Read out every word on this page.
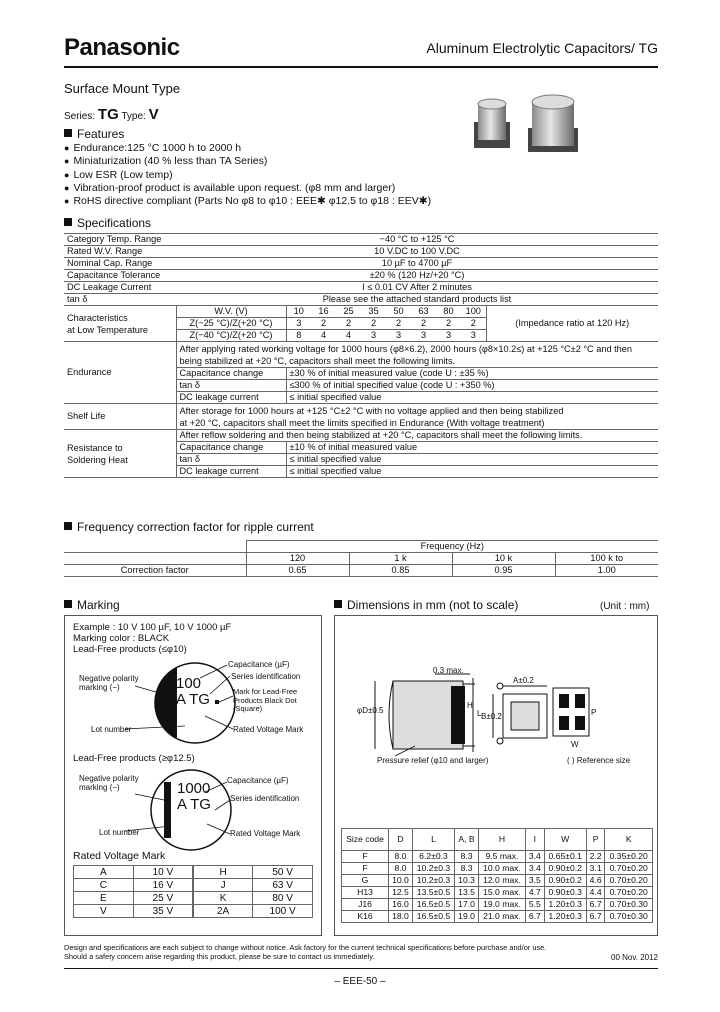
Panasonic	Aluminum Electrolytic Capacitors/ TG
Surface Mount Type
Series: TG Type: V
Features
● Endurance:125 °C 1000 h to 2000 h
● Miniaturization (40 % less than TA Series)
● Low ESR (Low temp)
● Vibration-proof product is available upon request. (φ8 mm and larger)
● RoHS directive compliant (Parts No φ8 to φ10 : EEE✱ φ12.5 to φ18 : EEV✱)
Specifications
Category Temp. Range	−40 °C to +125 °C									
Rated W.V. Range	10 V.DC to 100 V.DC									
Nominal Cap. Range	10 µF to 4700 µF									
Capacitance Tolerance	±20 % (120 Hz/+20 °C)									
DC Leakage Current	I ≤ 0.01 CV After 2 minutes									
tan δ	Please see the attached standard products list									
Characteristics
at Low Temperature	W.V. (V)	10	16	25	35	50	63	80	100	(Impedance ratio at 120 Hz)
	Z(−25 °C)/Z(+20 °C)	3	2	2	2	2	2	2	2	
	Z(−40 °C)/Z(+20 °C)	8	4	4	3	3	3	3	3	
Endurance	After applying rated working voltage for 1000 hours (φ8×6.2), 2000 hours (φ8×10.2≤) at +125 °C±2 °C and then
being stabilized at +20 °C, capacitors shall meet the following limits.									
	Capacitance change	±30 % of initial measured value (code U : ±35 %)								
	tan δ	≤300 % of initial specified value (code U : +350 %)								
	DC leakage current	≤ initial specified value								
Shelf Life	After storage for 1000 hours at +125 °C±2 °C with no voltage applied and then being stabilized
at +20 °C, capacitors shall meet the limits specified in Endurance (With voltage treatment)									
Resistance to
Soldering Heat	After reflow soldering and then being stabilized at +20 °C, capacitors shall meet the following limits.									
	Capacitance change	±10 % of initial measured value								
	tan δ	≤ initial specified value								
	DC leakage current	≤ initial specified value								
Frequency correction factor for ripple current
	Frequency (Hz)			
	120	1 k	10 k	100 k to
Correction factor	0.65	0.85	0.95	1.00
Marking
Example : 10 V 100 µF, 10 V 1000 µF
Marking color : BLACK
Lead-Free products (≤φ10)
100
A TG
Negative polarity
marking (−)
Capacitance (µF)
Series identification
Mark for Lead-Free
Products Black Dot
(Square)
Lot number	Rated Voltage Mark
Lead-Free products (≥φ12.5)
1000
A TG
Negative polarity
marking (−)
Capacitance (µF)
Series identification
Lot number	Rated Voltage Mark
Rated Voltage Mark
A	10 V	H	50 V
C	16 V	J	63 V
E	25 V	K	80 V
V	35 V	2A	100 V
Dimensions in mm (not to scale)	(Unit : mm)
0.3 max.
φD±0.5	L
H
A±0.2
B±0.2	P
W
Pressure relief (φ10 and larger)	( ) Reference size
Size code	D	L	A, B	H	I	W	P	K
F	8.0	6.2±0.3	8.3	9.5 max.	3.4	0.65±0.1	2.2	0.35±0.20
F	8.0	10.2±0.3	8.3	10.0 max.	3.4	0.90±0.2	3.1	0.70±0.20
G	10.0	10.2±0.3	10.3	12.0 max.	3.5	0.90±0.2	4.6	0.70±0.20
H13	12.5	13.5±0.5	13.5	15.0 max.	4.7	0.90±0.3	4.4	0.70±0.20
J16	16.0	16.5±0.5	17.0	19.0 max.	5.5	1.20±0.3	6.7	0.70±0.30
K16	18.0	16.5±0.5	19.0	21.0 max.	6.7	1.20±0.3	6.7	0.70±0.30
Design and specifications are each subject to change without notice. Ask factory for the current technical specifications before purchase and/or use.
Should a safety concern arise regarding this product, please be sure to contact us immediately.	00 Nov. 2012
– EEE-50 –
